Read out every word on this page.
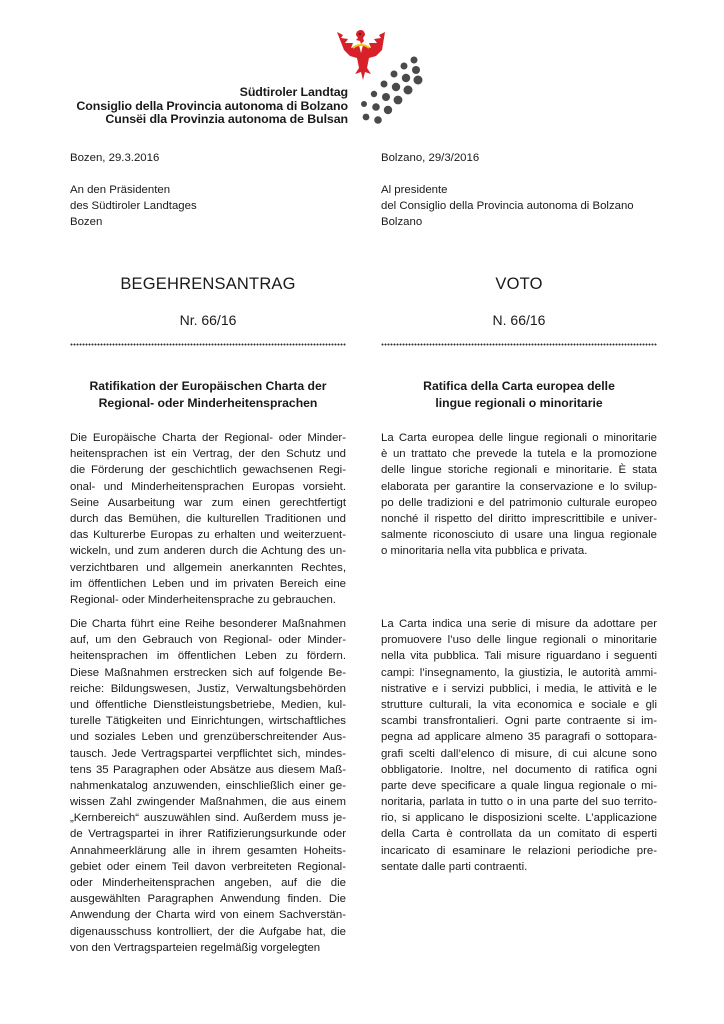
Südtiroler Landtag
Consiglio della Provincia autonoma di Bolzano
Cunsëi dla Provinzia autonoma de Bulsan

Bozen, 29.3.2016

An den Präsidenten
des Südtiroler Landtages
Bozen
BEGEHRENSANTRAG
Nr. 66/16
Ratifikation der Europäischen Charta der
Regional- oder Minderheitensprachen
Die Europäische Charta der Regional- oder Minder-
heitensprachen ist ein Vertrag, der den Schutz und
die Förderung der geschichtlich gewachsenen Regi-
onal- und Minderheitensprachen Europas vorsieht.
Seine Ausarbeitung war zum einen gerechtfertigt
durch das Bemühen, die kulturellen Traditionen und
das Kulturerbe Europas zu erhalten und weiterzuent-
wickeln, und zum anderen durch die Achtung des un-
verzichtbaren und allgemein anerkannten Rechtes,
im öffentlichen Leben und im privaten Bereich eine
Regional- oder Minderheitensprache zu gebrauchen.
Die Charta führt eine Reihe besonderer Maßnahmen
auf, um den Gebrauch von Regional- oder Minder-
heitensprachen im öffentlichen Leben zu fördern.
Diese Maßnahmen erstrecken sich auf folgende Be-
reiche: Bildungswesen, Justiz, Verwaltungsbehörden
und öffentliche Dienstleistungsbetriebe, Medien, kul-
turelle Tätigkeiten und Einrichtungen, wirtschaftliches
und soziales Leben und grenzüberschreitender Aus-
tausch. Jede Vertragspartei verpflichtet sich, mindes-
tens 35 Paragraphen oder Absätze aus diesem Maß-
nahmenkatalog anzuwenden, einschließlich einer ge-
wissen Zahl zwingender Maßnahmen, die aus einem
„Kernbereich“ auszuwählen sind. Außerdem muss je-
de Vertragspartei in ihrer Ratifizierungsurkunde oder
Annahmeerklärung alle in ihrem gesamten Hoheits-
gebiet oder einem Teil davon verbreiteten Regional-
oder Minderheitensprachen angeben, auf die die
ausgewählten Paragraphen Anwendung finden. Die
Anwendung der Charta wird von einem Sachverstän-
digenausschuss kontrolliert, der die Aufgabe hat, die
von den Vertragsparteien regelmäßig vorgelegten

Bolzano, 29/3/2016

Al presidente
del Consiglio della Provincia autonoma di Bolzano
Bolzano
VOTO
N. 66/16
Ratifica della Carta europea delle
lingue regionali o minoritarie
La Carta europea delle lingue regionali o minoritarie
è un trattato che prevede la tutela e la promozione
delle lingue storiche regionali e minoritarie. È stata
elaborata per garantire la conservazione e lo svilup-
po delle tradizioni e del patrimonio culturale europeo
nonché il rispetto del diritto imprescrittibile e univer-
salmente riconosciuto di usare una lingua regionale
o minoritaria nella vita pubblica e privata.
La Carta indica una serie di misure da adottare per
promuovere l’uso delle lingue regionali o minoritarie
nella vita pubblica. Tali misure riguardano i seguenti
campi: l’insegnamento, la giustizia, le autorità ammi-
nistrative e i servizi pubblici, i media, le attività e le
strutture culturali, la vita economica e sociale e gli
scambi transfrontalieri. Ogni parte contraente si im-
pegna ad applicare almeno 35 paragrafi o sottopara-
grafi scelti dall’elenco di misure, di cui alcune sono
obbligatorie. Inoltre, nel documento di ratifica ogni
parte deve specificare a quale lingua regionale o mi-
noritaria, parlata in tutto o in una parte del suo territo-
rio, si applicano le disposizioni scelte. L’applicazione
della Carta è controllata da un comitato di esperti
incaricato di esaminare le relazioni periodiche pre-
sentate dalle parti contraenti.
